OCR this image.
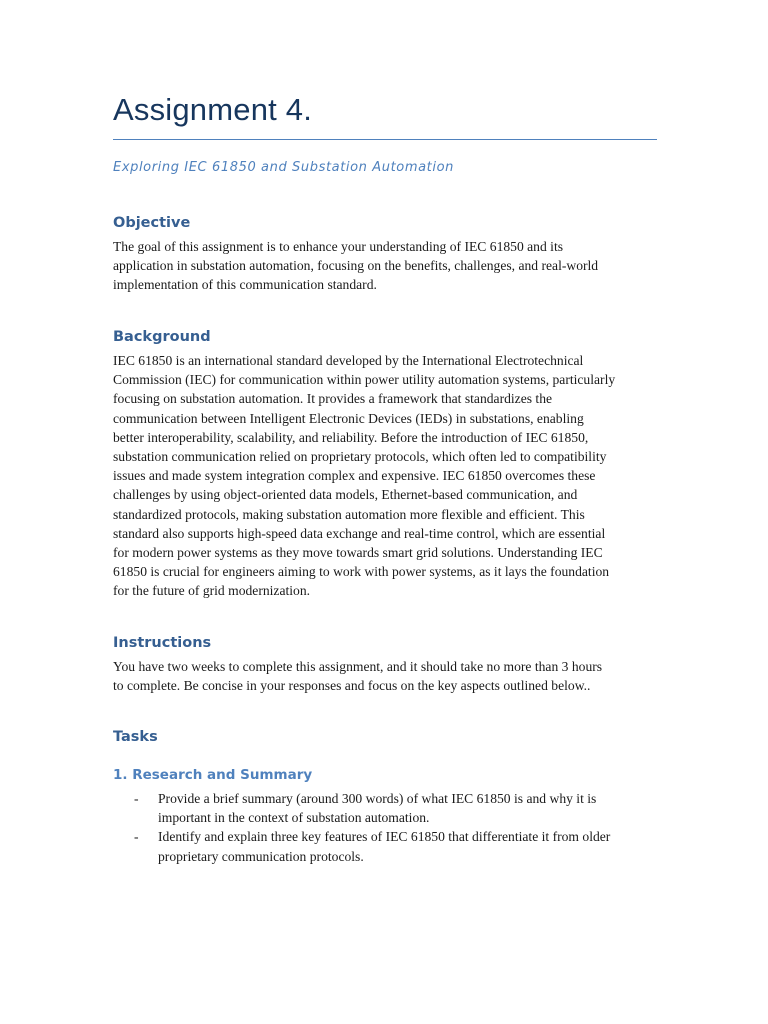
Assignment 4.
Exploring IEC 61850 and Substation Automation
Objective
The goal of this assignment is to enhance your understanding of IEC 61850 and its
application in substation automation, focusing on the benefits, challenges, and real-world
implementation of this communication standard.
Background
IEC 61850 is an international standard developed by the International Electrotechnical
Commission (IEC) for communication within power utility automation systems, particularly
focusing on substation automation. It provides a framework that standardizes the
communication between Intelligent Electronic Devices (IEDs) in substations, enabling
better interoperability, scalability, and reliability. Before the introduction of IEC 61850,
substation communication relied on proprietary protocols, which often led to compatibility
issues and made system integration complex and expensive. IEC 61850 overcomes these
challenges by using object-oriented data models, Ethernet-based communication, and
standardized protocols, making substation automation more flexible and efficient. This
standard also supports high-speed data exchange and real-time control, which are essential
for modern power systems as they move towards smart grid solutions. Understanding IEC
61850 is crucial for engineers aiming to work with power systems, as it lays the foundation
for the future of grid modernization.
Instructions
You have two weeks to complete this assignment, and it should take no more than 3 hours
to complete. Be concise in your responses and focus on the key aspects outlined below..
Tasks
1. Research and Summary
- Provide a brief summary (around 300 words) of what IEC 61850 is and why it is
important in the context of substation automation.
- Identify and explain three key features of IEC 61850 that differentiate it from older
proprietary communication protocols.
